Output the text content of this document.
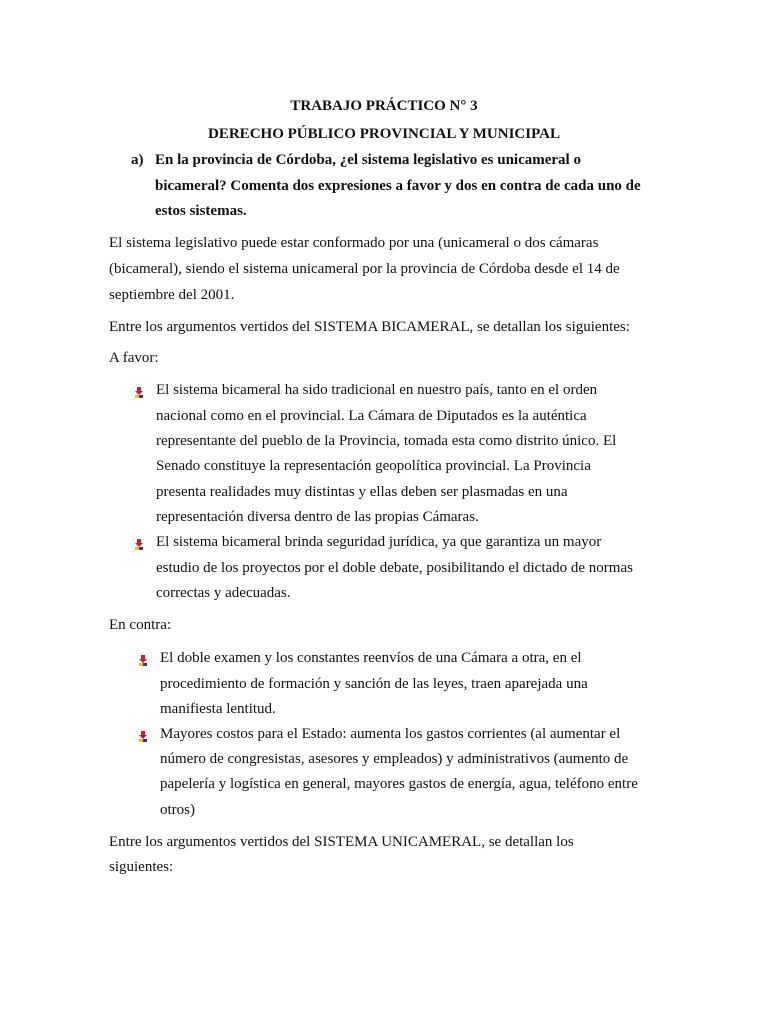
TRABAJO PRÁCTICO N° 3
DERECHO PÚBLICO PROVINCIAL Y MUNICIPAL
a) En la provincia de Córdoba, ¿el sistema legislativo es unicameral o
bicameral? Comenta dos expresiones a favor y dos en contra de cada uno de
estos sistemas.
El sistema legislativo puede estar conformado por una (unicameral o dos cámaras
(bicameral), siendo el sistema unicameral por la provincia de Córdoba desde el 14 de
septiembre del 2001.
Entre los argumentos vertidos del SISTEMA BICAMERAL, se detallan los siguientes:
A favor:
El sistema bicameral ha sido tradicional en nuestro país, tanto en el orden
nacional como en el provincial. La Cámara de Diputados es la auténtica
representante del pueblo de la Provincia, tomada esta como distrito único. El
Senado constituye la representación geopolítica provincial. La Provincia
presenta realidades muy distintas y ellas deben ser plasmadas en una
representación diversa dentro de las propias Cámaras.
El sistema bicameral brinda seguridad jurídica, ya que garantiza un mayor
estudio de los proyectos por el doble debate, posibilitando el dictado de normas
correctas y adecuadas.
En contra:
El doble examen y los constantes reenvíos de una Cámara a otra, en el
procedimiento de formación y sanción de las leyes, traen aparejada una
manifiesta lentitud.
Mayores costos para el Estado: aumenta los gastos corrientes (al aumentar el
número de congresistas, asesores y empleados) y administrativos (aumento de
papelería y logística en general, mayores gastos de energía, agua, teléfono entre
otros)
Entre los argumentos vertidos del SISTEMA UNICAMERAL, se detallan los
siguientes:
